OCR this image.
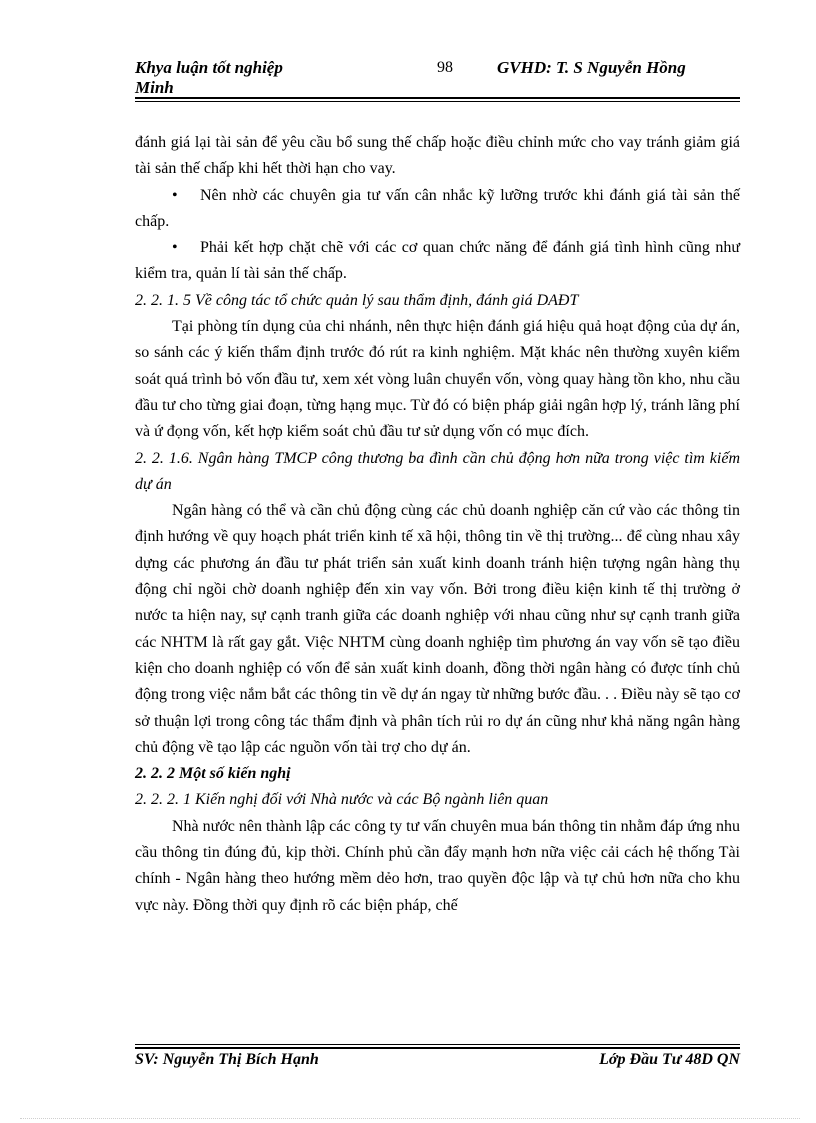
Khya luận tốt nghiệp	98	GVHD: T. S Nguyễn Hồng
Minh

đánh giá lại tài sản để yêu cầu bổ sung thế chấp hoặc điều chỉnh mức cho vay tránh giảm giá tài sản thế chấp khi hết thời hạn cho vay.

• Nên nhờ các chuyên gia tư vấn cân nhắc kỹ lưỡng trước khi đánh giá tài sản thế chấp.

• Phải kết hợp chặt chẽ với các cơ quan chức năng để đánh giá tình hình cũng như kiểm tra, quản lí tài sản thế chấp.

2. 2. 1. 5 Về công tác tổ chức quản lý sau thẩm định, đánh giá DAĐT

Tại phòng tín dụng của chi nhánh, nên thực hiện đánh giá hiệu quả hoạt động của dự án, so sánh các ý kiến thẩm định trước đó rút ra kinh nghiệm. Mặt khác nên thường xuyên kiểm soát quá trình bỏ vốn đầu tư, xem xét vòng luân chuyển vốn, vòng quay hàng tồn kho, nhu cầu đầu tư cho từng giai đoạn, từng hạng mục. Từ đó có biện pháp giải ngân hợp lý, tránh lãng phí và ứ đọng vốn, kết hợp kiểm soát chủ đầu tư sử dụng vốn có mục đích.

2. 2. 1.6. Ngân hàng TMCP công thương ba đình cần chủ động hơn nữa trong việc tìm kiếm dự án

Ngân hàng có thể và cần chủ động cùng các chủ doanh nghiệp căn cứ vào các thông tin định hướng về quy hoạch phát triển kinh tế xã hội, thông tin về thị trường... để cùng nhau xây dựng các phương án đầu tư phát triển sản xuất kinh doanh tránh hiện tượng ngân hàng thụ động chỉ ngồi chờ doanh nghiệp đến xin vay vốn. Bởi trong điều kiện kinh tế thị trường ở nước ta hiện nay, sự cạnh tranh giữa các doanh nghiệp với nhau cũng như sự cạnh tranh giữa các NHTM là rất gay gắt. Việc NHTM cùng doanh nghiệp tìm phương án vay vốn sẽ tạo điều kiện cho doanh nghiệp có vốn để sản xuất kinh doanh, đồng thời ngân hàng có được tính chủ động trong việc nắm bắt các thông tin về dự án ngay từ những bước đầu. . . Điều này sẽ tạo cơ sở thuận lợi trong công tác thẩm định và phân tích rủi ro dự án cũng như khả năng ngân hàng chủ động về tạo lập các nguồn vốn tài trợ cho dự án.

2. 2. 2 Một số kiến nghị

2. 2. 2. 1 Kiến nghị đối với Nhà nước và các Bộ ngành liên quan

Nhà nước nên thành lập các công ty tư vấn chuyên mua bán thông tin nhằm đáp ứng nhu cầu thông tin đúng đủ, kịp thời. Chính phủ cần đẩy mạnh hơn nữa việc cải cách hệ thống Tài chính - Ngân hàng theo hướng mềm dẻo hơn, trao quyền độc lập và tự chủ hơn nữa cho khu vực này. Đồng thời quy định rõ các biện pháp, chế

SV: Nguyễn Thị Bích Hạnh	Lớp Đầu Tư 48D QN
